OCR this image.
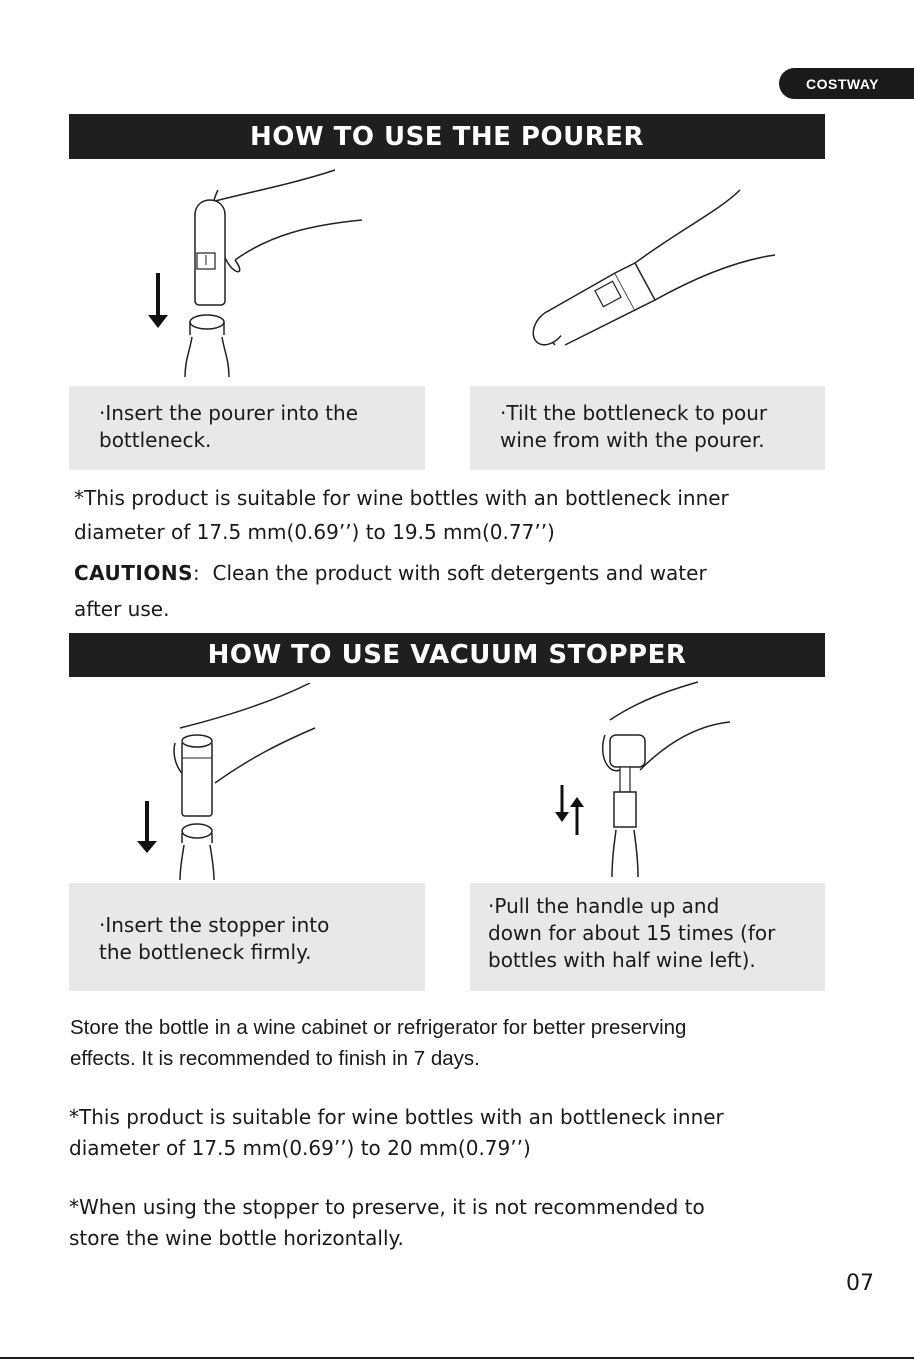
COSTWAY
HOW TO USE THE POURER
·Insert the pourer into the
bottleneck.
·Tilt the bottleneck to pour
wine from with the pourer.
*This product is suitable for wine bottles with an bottleneck inner
diameter of 17.5 mm(0.69’’) to 19.5 mm(0.77’’)
CAUTIONS: Clean the product with soft detergents and water
after use.
HOW TO USE VACUUM STOPPER
·Insert the stopper into
the bottleneck firmly.
·Pull the handle up and
down for about 15 times (for
bottles with half wine left).
Store the bottle in a wine cabinet or refrigerator for better preserving
effects. It is recommended to finish in 7 days.
*This product is suitable for wine bottles with an bottleneck inner
diameter of 17.5 mm(0.69’’) to 20 mm(0.79’’)
*When using the stopper to preserve, it is not recommended to
store the wine bottle horizontally.
07
